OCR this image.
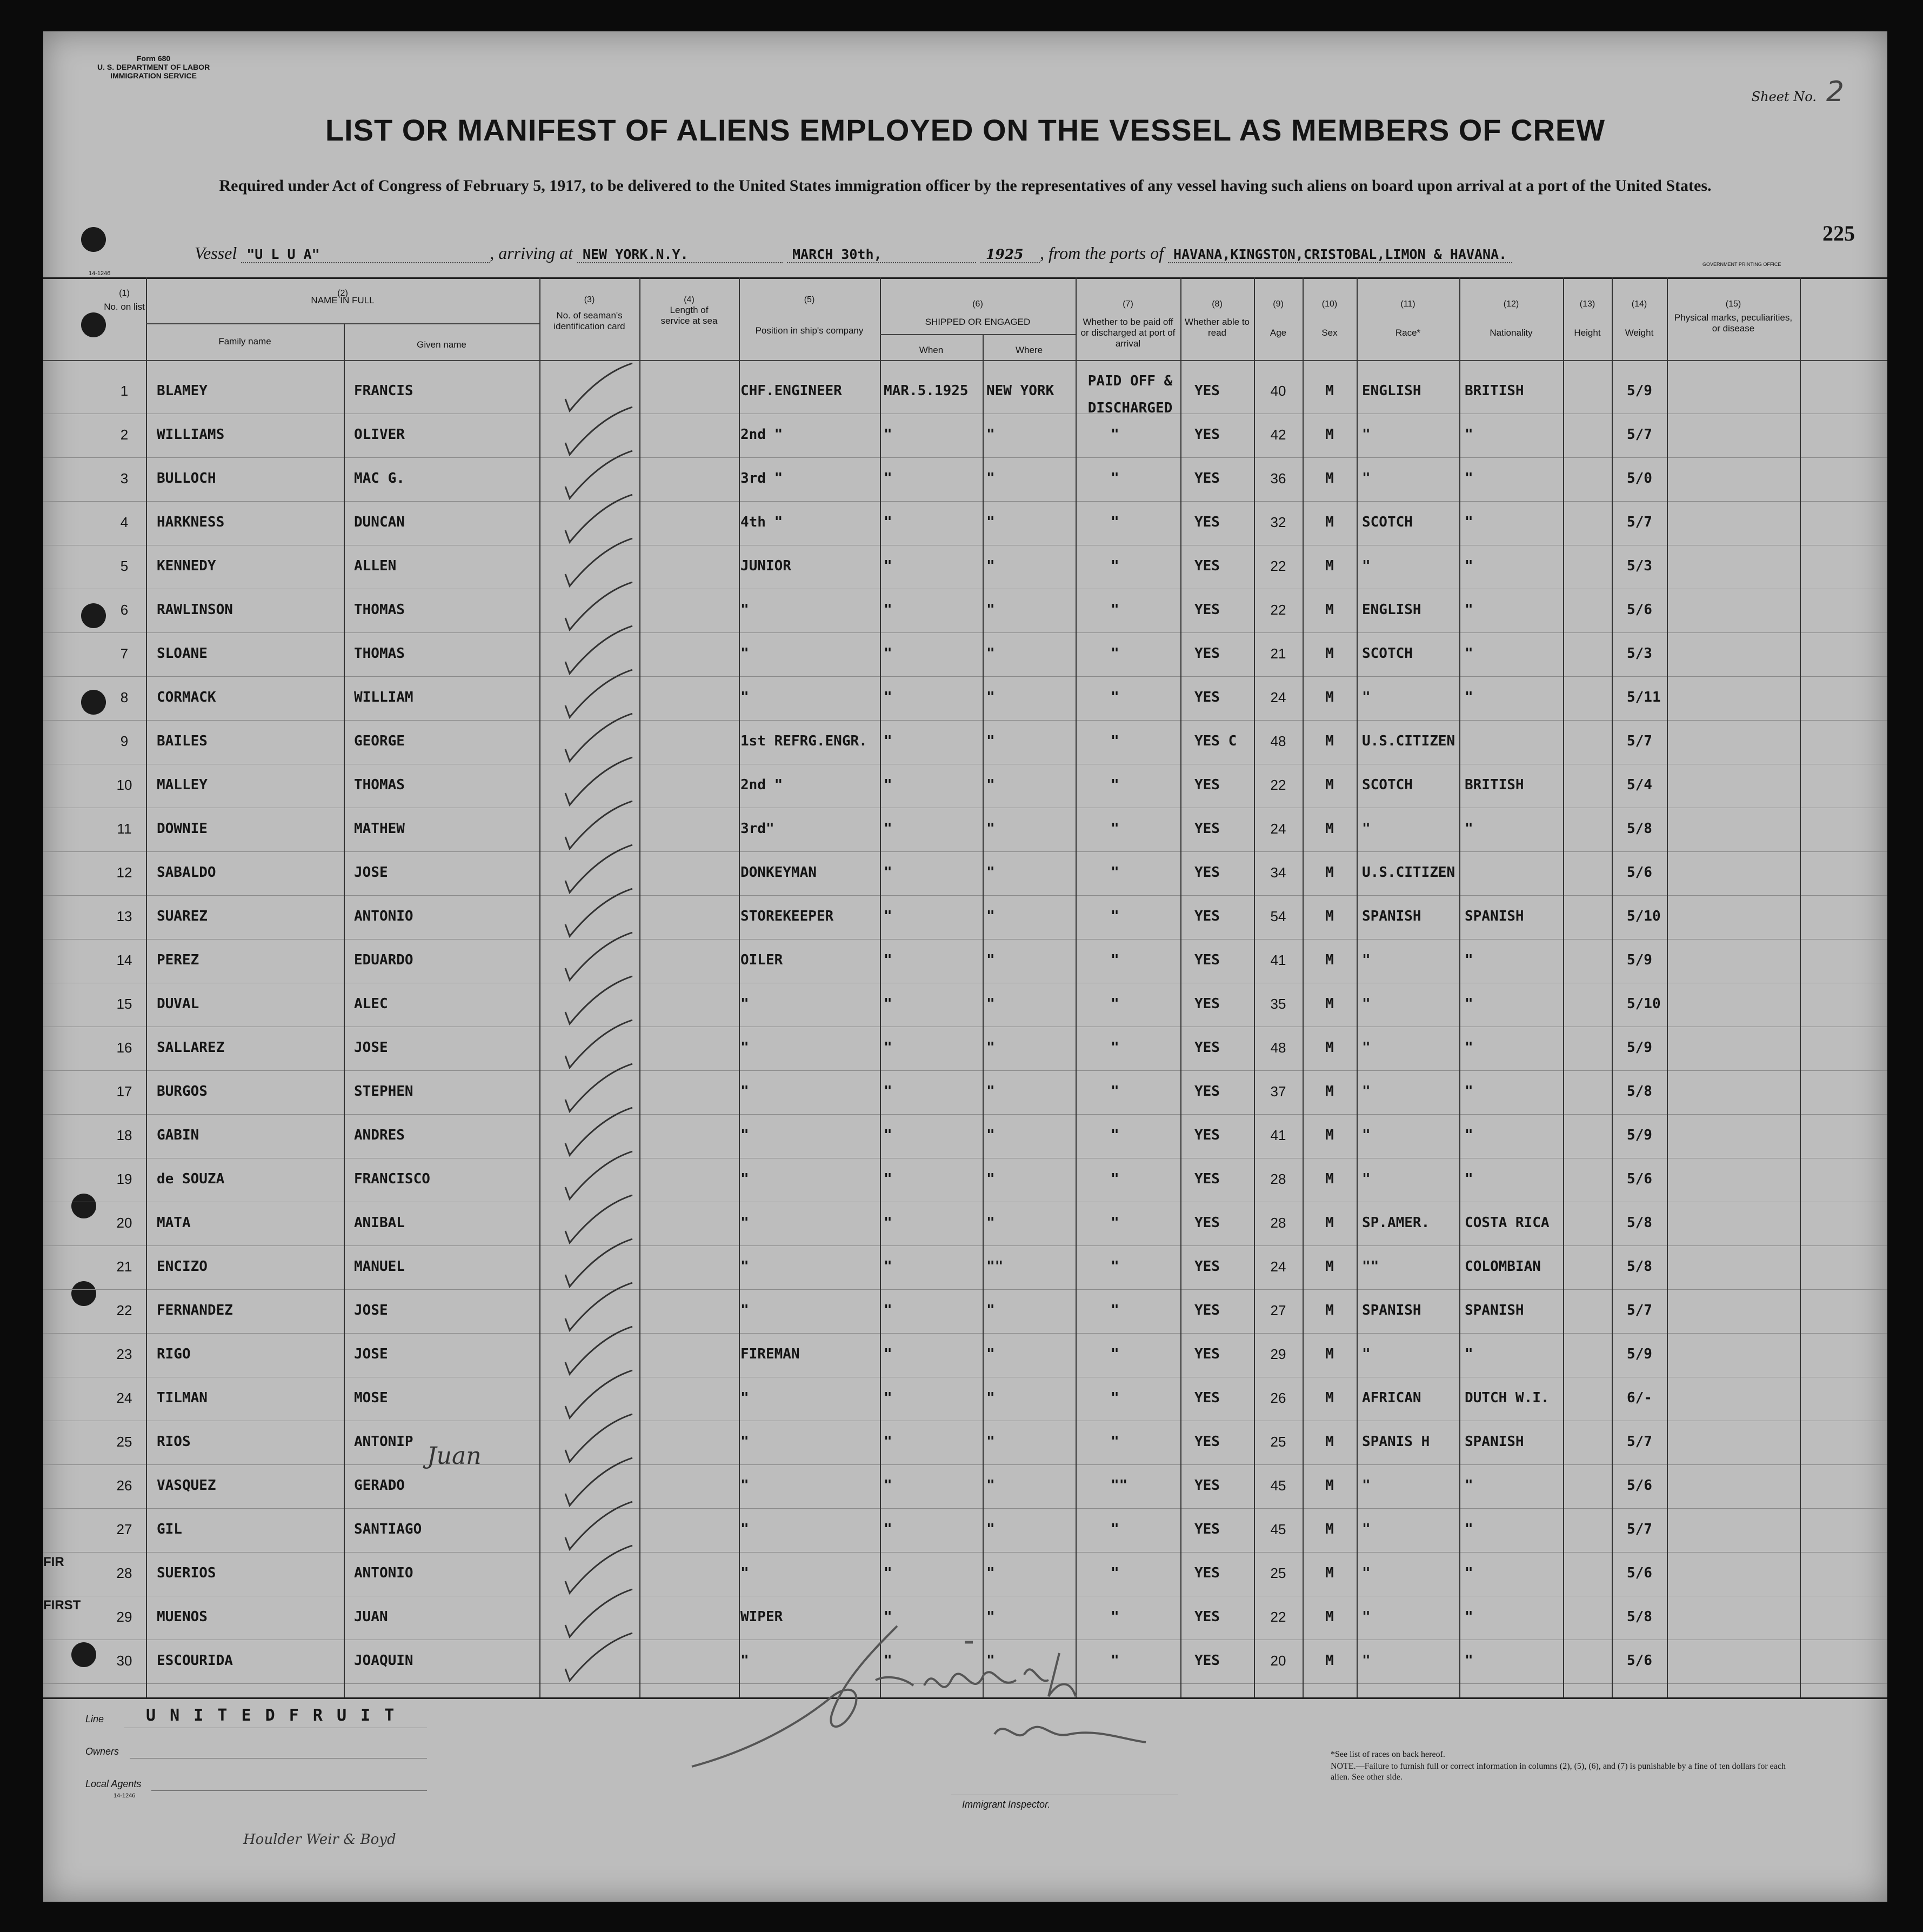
Form 680
U. S. DEPARTMENT OF LABOR
IMMIGRATION SERVICE
Sheet No. 2
LIST OR MANIFEST OF ALIENS EMPLOYED ON THE VESSEL AS MEMBERS OF CREW
Required under Act of Congress of February 5, 1917, to be delivered to the United States immigration officer by the representatives of any vessel having such aliens on board upon arrival at a port of the United States.
225
Vessel "U L U A"	, arriving at NEW YORK.N.Y.	MARCH 30th,	1925 , from the ports of HAVANA,KINGSTON,CRISTOBAL,LIMON & HAVANA.
14-1246
GOVERNMENT PRINTING OFFICE
(1)
No. on list
(2)
NAME IN FULL
Family name	Given name
(3)
No. of seaman's identification card
(4)
Length of service at sea
(5)
Position in ship's company
(6)
SHIPPED OR ENGAGED
When	Where
(7)
Whether to be paid off or discharged at port of arrival
(8)
Whether able to read
(9)
Age
(10)
Sex
(11)
Race*
(12)
Nationality
(13)
Height
(14)
Weight
(15)
Physical marks, peculiarities, or disease
PAID OFF &
DISCHARGED
1	BLAMEY	FRANCIS	CHF.ENGINEER	MAR.5.1925 NEW YORK	YES	40	M	ENGLISH	BRITISH	5/9
2	WILLIAMS	OLIVER	2nd "	"	"	"	YES	42	M	"	"	5/7
3	BULLOCH	MAC G.	3rd "	"	"	"	YES	36	M	"	"	5/0
4	HARKNESS	DUNCAN	4th "	"	"	"	YES	32	M	SCOTCH	"	5/7
5	KENNEDY	ALLEN	JUNIOR	"	"	"	YES	22	M	"	"	5/3
6	RAWLINSON	THOMAS	"	"	"	"	YES	22	M	ENGLISH	"	5/6
7	SLOANE	THOMAS	"	"	"	"	YES	21	M	SCOTCH	"	5/3
8	CORMACK	WILLIAM	"	"	"	"	YES	24	M	"	"	5/11
9	BAILES	GEORGE	1st REFRG.ENGR. "	"	"	YES C	48	M	U.S.CITIZEN	5/7
10	MALLEY	THOMAS	2nd "	"	"	"	YES	22	M	SCOTCH	BRITISH	5/4
11	DOWNIE	MATHEW	3rd"	"	"	"	YES	24	M	"	"	5/8
12	SABALDO	JOSE	DONKEYMAN	"	"	"	YES	34	M	U.S.CITIZEN	5/6
13	SUAREZ	ANTONIO	STOREKEEPER	"	"	"	YES	54	M	SPANISH	SPANISH	5/10
14	PEREZ	EDUARDO	OILER	"	"	"	YES	41	M	"	"	5/9
15	DUVAL	ALEC	"	"	"	"	YES	35	M	"	"	5/10
16	SALLAREZ	JOSE	"	"	"	"	YES	48	M	"	"	5/9
17	BURGOS	STEPHEN	"	"	"	"	YES	37	M	"	"	5/8
18	GABIN	ANDRES	"	"	"	"	YES	41	M	"	"	5/9
19	de SOUZA	FRANCISCO	"	"	"	"	YES	28	M	"	"	5/6
20	MATA	ANIBAL	"	"	"	"	YES	28	M	SP.AMER. COSTA RICA	5/8
21	ENCIZO	MANUEL	"	"	""	"	YES	24	M	""	COLOMBIAN	5/8
22	FERNANDEZ	JOSE	"	"	"	"	YES	27	M	SPANISH	SPANISH	5/7
23	RIGO	JOSE	FIREMAN	"	"	"	YES	29	M	"	"	5/9
24	TILMAN	MOSE	"	"	"	"	YES	26	M	AFRICAN	DUTCH W.I.	6/-
25	RIOS	ANTONIP	"	"	"	"	YES	25	M	SPANIS H SPANISH	5/7
26	VASQUEZ	GERADO	"	"	"	""	YES	45	M	"	"	5/6
27	GIL	SANTIAGO	"	"	"	"	YES	45	M	"	"	5/7
28	SUERIOS	ANTONIO	"	"	"	"	YES	25	M	"	"	5/6
29	MUENOS	JUAN	WIPER	"	"	"	YES	22	M	"	"	5/8
30	ESCOURIDA	JOAQUIN	"	"	"	"	YES	20	M	"	"	5/6
Juan
FIR
FIRST
Line	U N I T E D F R U I T
Owners
Local Agents
14-1246
Immigrant Inspector.
*See list of races on back hereof.
NOTE.—Failure to furnish full or correct information in columns (2), (5), (6), and (7) is punishable by a fine of ten dollars for each alien. See other side.
Houlder Weir & Boyd
